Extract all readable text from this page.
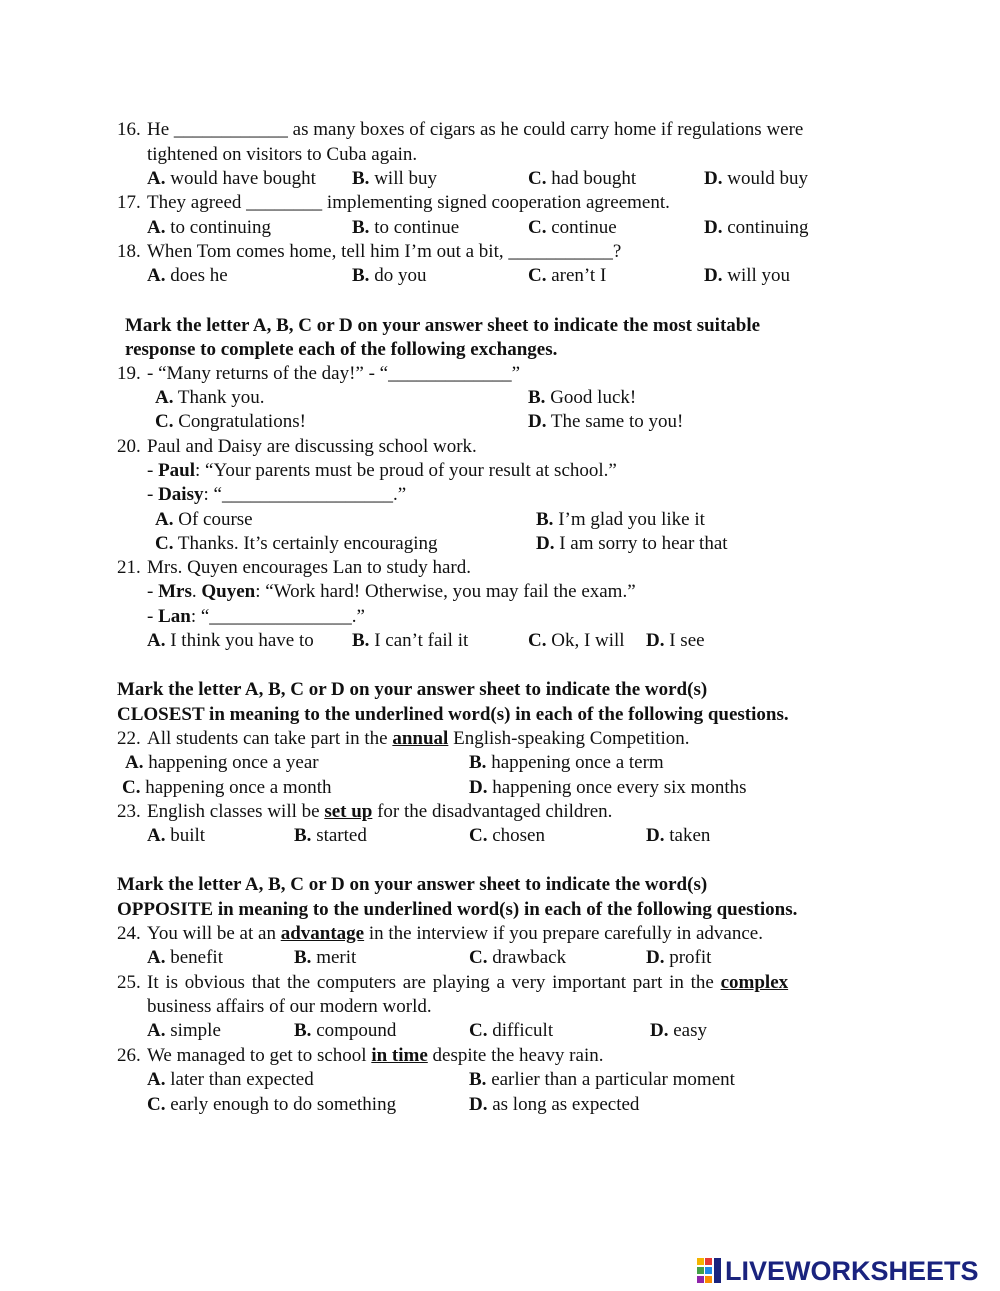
16. He ____________ as many boxes of cigars as he could carry home if regulations were
tightened on visitors to Cuba again.
A. would have bought B. will buy	C. had bought	D. would buy
17. They agreed ________ implementing signed cooperation agreement.
A. to continuing	B. to continue	C. continue	D. continuing
18. When Tom comes home, tell him I’m out a bit, ___________?
A. does he	B. do you	C. aren’t I	D. will you
Mark the letter A, B, C or D on your answer sheet to indicate the most suitable
response to complete each of the following exchanges.
19. - “Many returns of the day!” - “_____________”
A. Thank you.	B. Good luck!
C. Congratulations!	D. The same to you!
20. Paul and Daisy are discussing school work.
- Paul: “Your parents must be proud of your result at school.”
- Daisy: “__________________.”
A. Of course	B. I’m glad you like it
C. Thanks. It’s certainly encouraging	D. I am sorry to hear that
21. Mrs. Quyen encourages Lan to study hard.
- Mrs. Quyen: “Work hard! Otherwise, you may fail the exam.”
- Lan: “_______________.”
A. I think you have to B. I can’t fail it	C. Ok, I will D. I see
Mark the letter A, B, C or D on your answer sheet to indicate the word(s)
CLOSEST in meaning to the underlined word(s) in each of the following questions.
22. All students can take part in the annual English-speaking Competition.
A. happening once a year	B. happening once a term
C. happening once a month	D. happening once every six months
23. English classes will be set up for the disadvantaged children.
A. built	B. started	C. chosen	D. taken
Mark the letter A, B, C or D on your answer sheet to indicate the word(s)
OPPOSITE in meaning to the underlined word(s) in each of the following questions.
24. You will be at an advantage in the interview if you prepare carefully in advance.
A. benefit	B. merit	C. drawback	D. profit
25. It is obvious that the computers are playing a very important part in the complex
business affairs of our modern world.
A. simple	B. compound	C. difficult	D. easy
26. We managed to get to school in time despite the heavy rain.
A. later than expected	B. earlier than a particular moment
C. early enough to do something	D. as long as expected
LIVEWORKSHEETS
